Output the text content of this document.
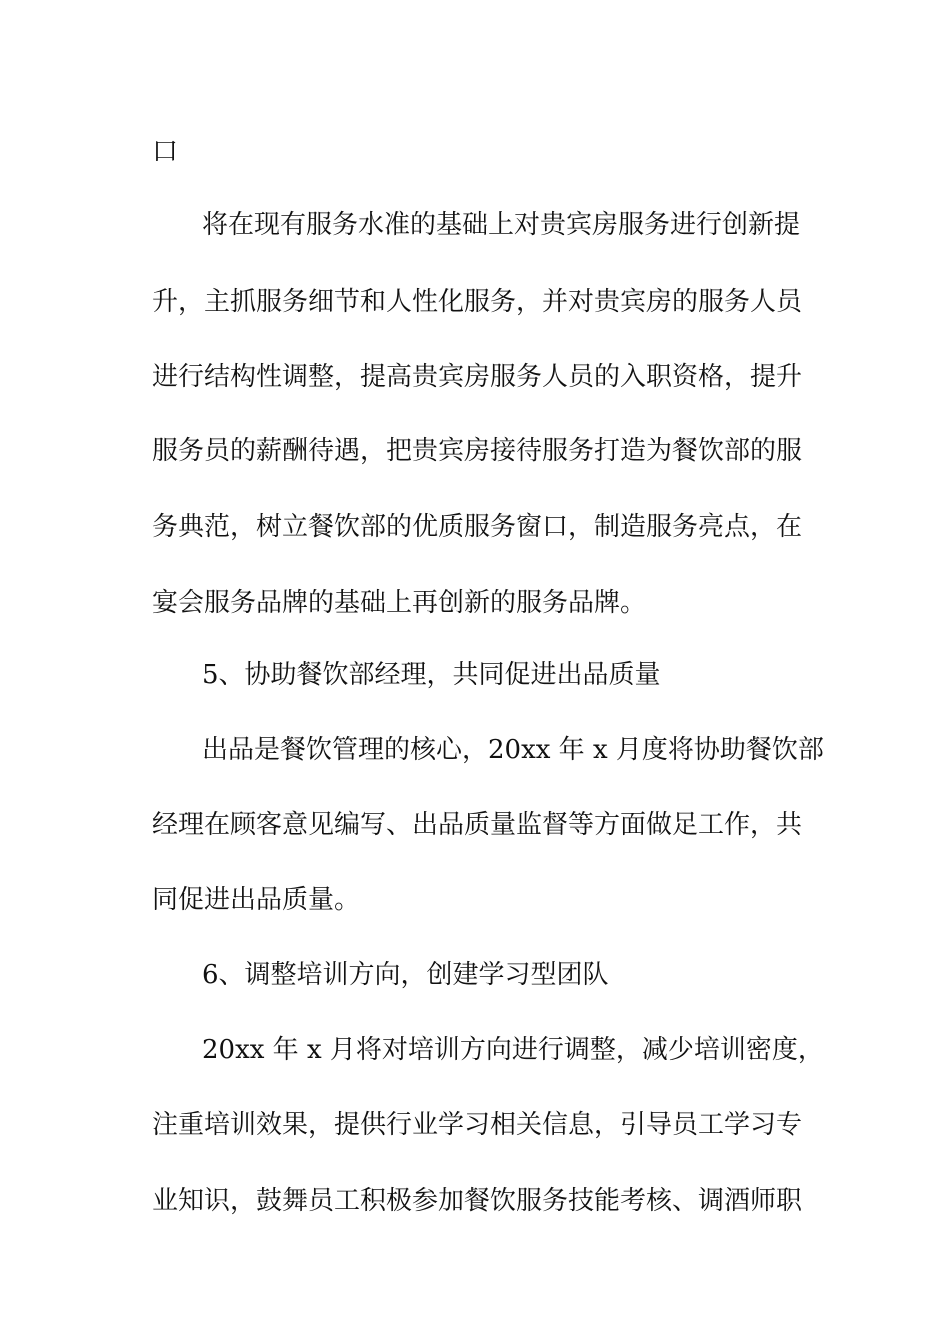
口
将在现有服务水准的基础上对贵宾房服务进行创新提
升，主抓服务细节和人性化服务，并对贵宾房的服务人员
进行结构性调整，提高贵宾房服务人员的入职资格，提升
服务员的薪酬待遇，把贵宾房接待服务打造为餐饮部的服
务典范，树立餐饮部的优质服务窗口，制造服务亮点，在
宴会服务品牌的基础上再创新的服务品牌。
5、协助餐饮部经理，共同促进出品质量
出品是餐饮管理的核心，20xx 年 x 月度将协助餐饮部
经理在顾客意见编写、出品质量监督等方面做足工作，共
同促进出品质量。
6、调整培训方向，创建学习型团队
20xx 年 x 月将对培训方向进行调整，减少培训密度，
注重培训效果，提供行业学习相关信息，引导员工学习专
业知识，鼓舞员工积极参加餐饮服务技能考核、调酒师职
